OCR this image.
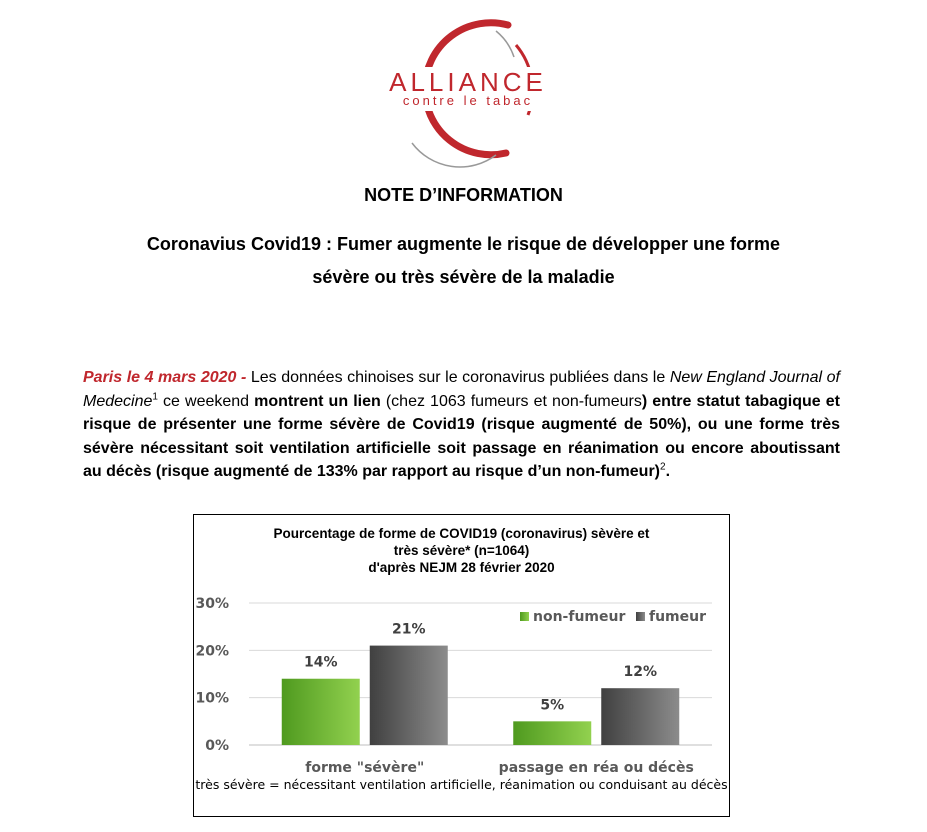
ALLIANCE
contre le tabac
NOTE D’INFORMATION
Coronavius Covid19 : Fumer augmente le risque de développer une forme
sévère ou très sévère de la maladie
Paris le 4 mars 2020 - Les données chinoises sur le coronavirus publiées dans le New England Journal of Medecine$^1$ ce weekend montrent un lien (chez 1063 fumeurs et non-fumeurs) entre statut tabagique et risque de présenter une forme sévère de Covid19 (risque augmenté de 50%), ou une forme très sévère nécessitant soit ventilation artificielle soit passage en réanimation ou encore aboutissant au décès (risque augmenté de 133% par rapport au risque d’un non-fumeur)$^2$.
Pourcentage de forme de COVID19 (coronavirus) sèvère et
très sévère* (n=1064)
d'après NEJM 28 février 2020
0%
10%
20%
30%
14%
21%
forme "sévère"
5%
12%
passage en réa ou décès
non-fumeur fumeur
très sévère = nécessitant ventilation artificielle, réanimation ou conduisant au décès
